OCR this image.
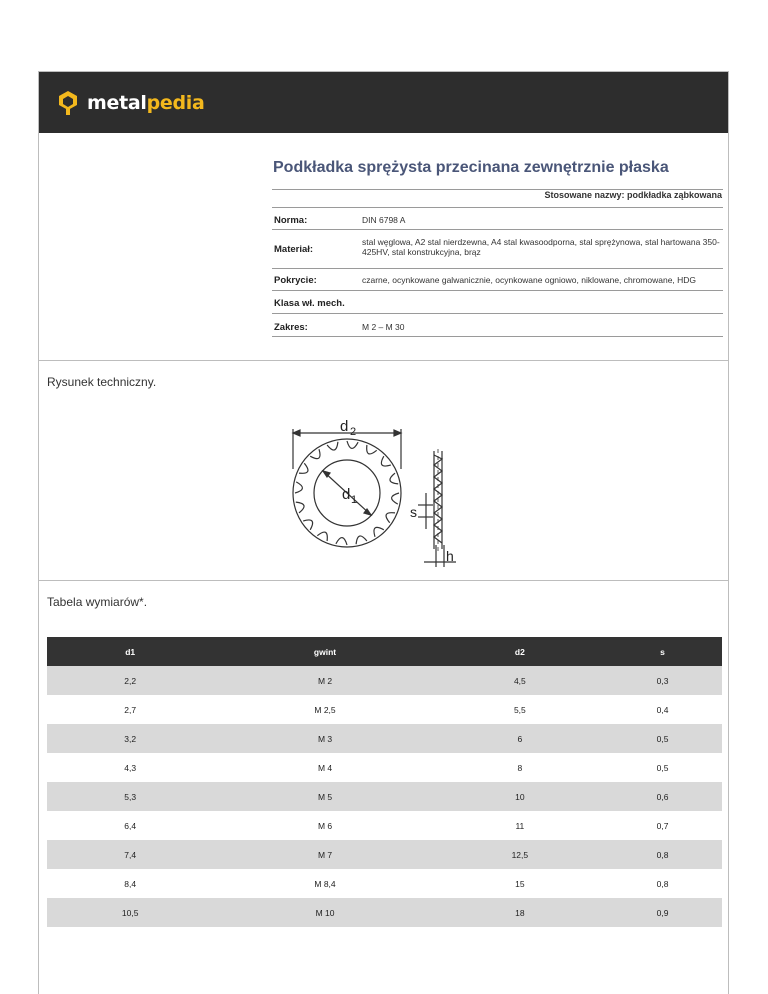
metalpedia
Podkładka sprężysta przecinana zewnętrznie płaska
Stosowane nazwy: podkładka ząbkowana
Norma:	DIN 6798 A
Materiał:
stal węglowa, A2 stal nierdzewna, A4 stal kwasoodporna, stal sprężynowa, stal hartowana 350-425HV, stal konstrukcyjna, brąz
Pokrycie:	czarne, ocynkowane galwanicznie, ocynkowane ogniowo, niklowane, chromowane, HDG
Klasa wł. mech.
Zakres:	M 2 – M 30
Rysunek techniczny.
d 2
d 1
s
h
Tabela wymiarów*.
d1	gwint	d2	s
2,2	M 2	4,5	0,3
2,7	M 2,5	5,5	0,4
3,2	M 3	6	0,5
4,3	M 4	8	0,5
5,3	M 5	10	0,6
6,4	M 6	11	0,7
7,4	M 7	12,5	0,8
8,4	M 8,4	15	0,8
10,5	M 10	18	0,9
